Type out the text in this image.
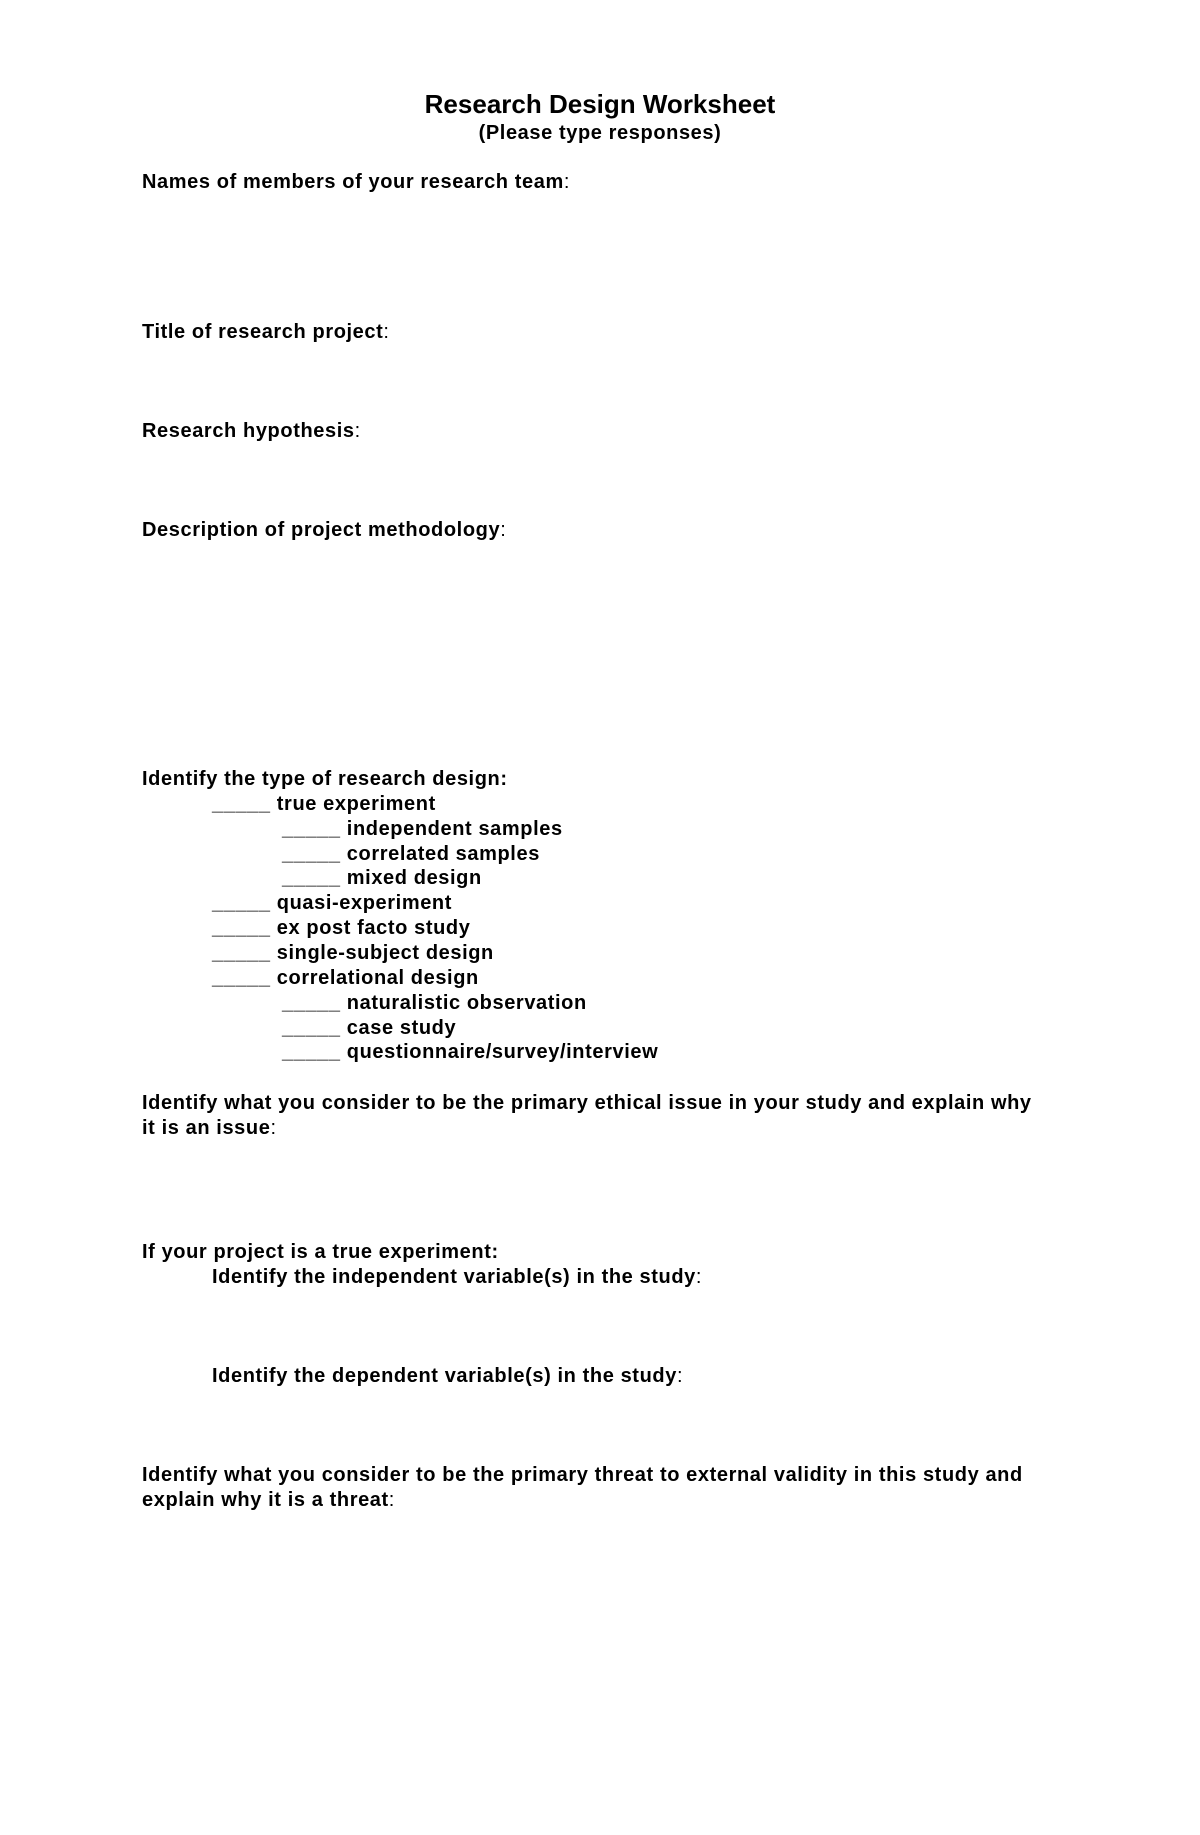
Research Design Worksheet
(Please type responses)
Names of members of your research team:
Title of research project:
Research hypothesis:
Description of project methodology:
Identify the type of research design:
_____ true experiment
_____ independent samples
_____ correlated samples
_____ mixed design
_____ quasi-experiment
_____ ex post facto study
_____ single-subject design
_____ correlational design
_____ naturalistic observation
_____ case study
_____ questionnaire/survey/interview
Identify what you consider to be the primary ethical issue in your study and explain why
it is an issue:
If your project is a true experiment:
Identify the independent variable(s) in the study:
Identify the dependent variable(s) in the study:
Identify what you consider to be the primary threat to external validity in this study and
explain why it is a threat:
